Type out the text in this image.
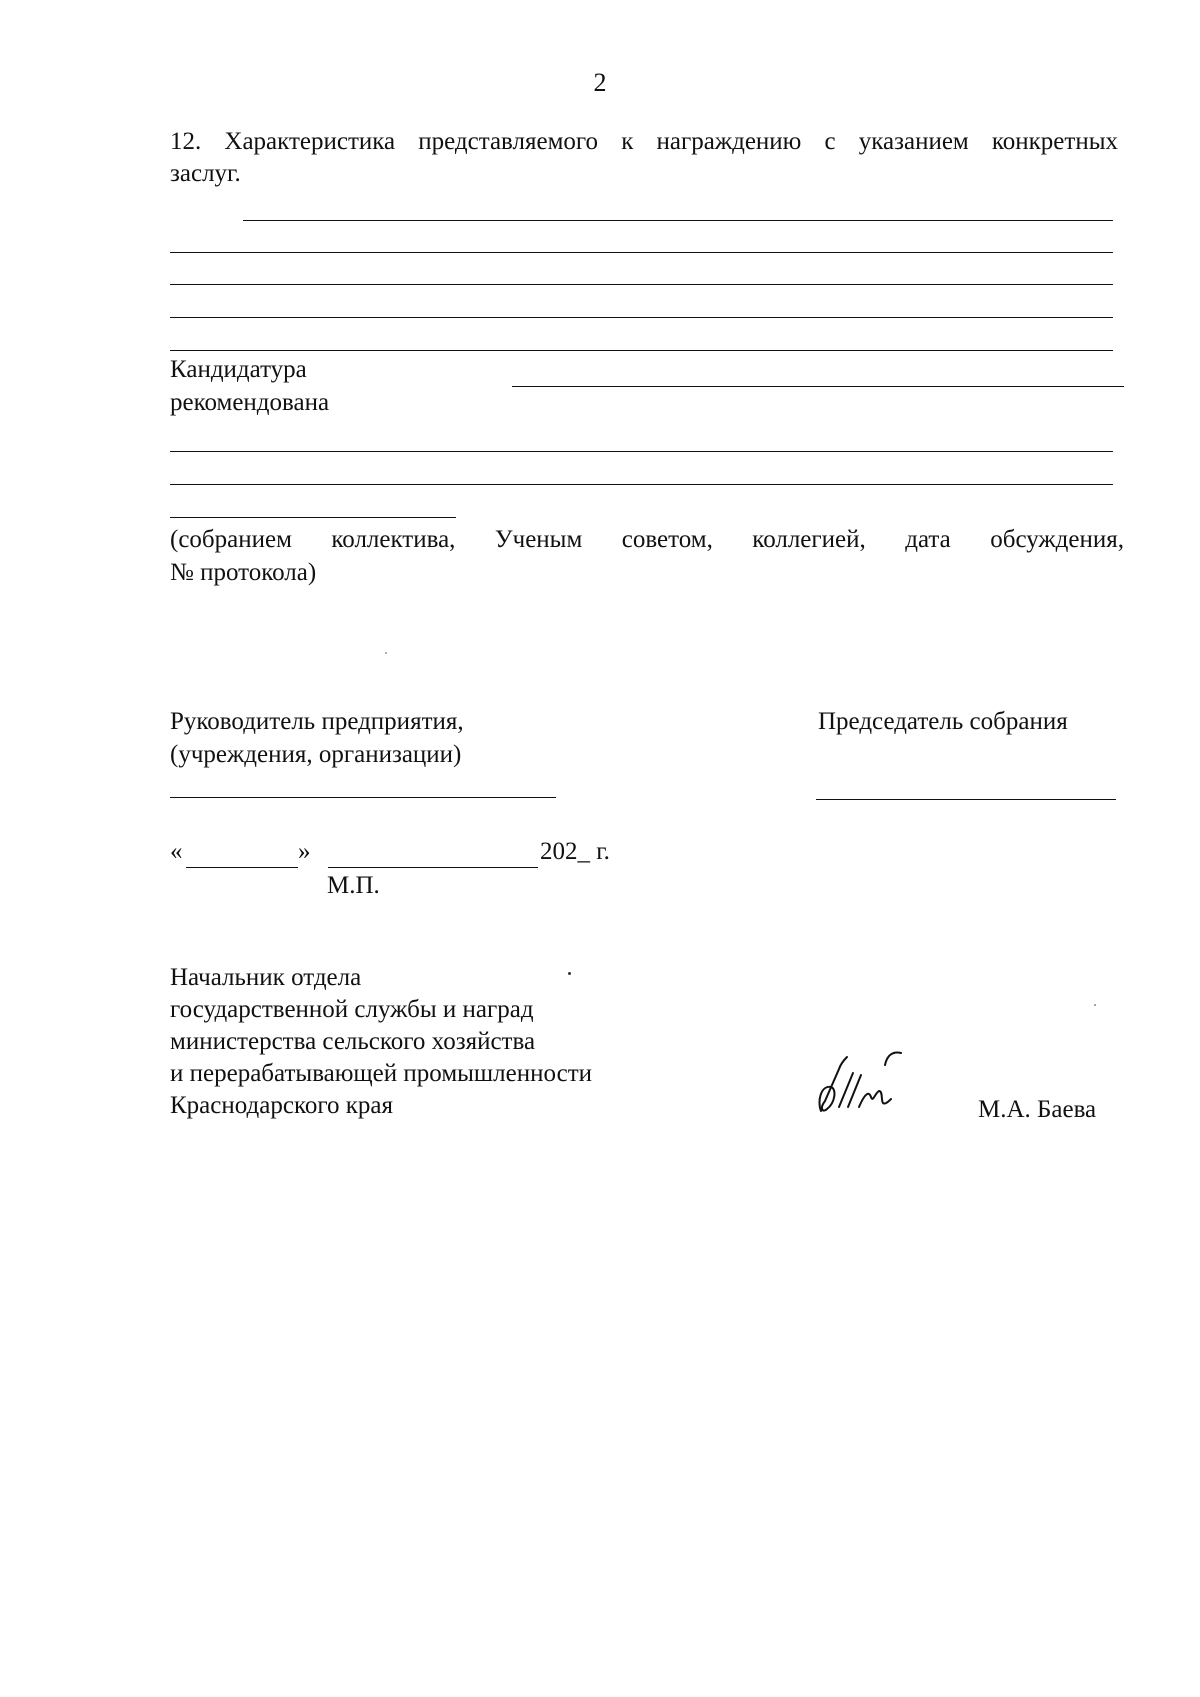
2
12. Характеристика представляемого к награждению с указанием конкретных
заслуг.
Кандидатура
рекомендована
(собранием коллектива, Ученым советом, коллегией, дата обсуждения,
№ протокола)
Руководитель предприятия,
(учреждения, организации)
Председатель собрания
«	»	202_ г.
М.П.
Начальник отдела
государственной службы и наград
министерства сельского хозяйства
и перерабатывающей промышленности
Краснодарского края	М.А. Баева
